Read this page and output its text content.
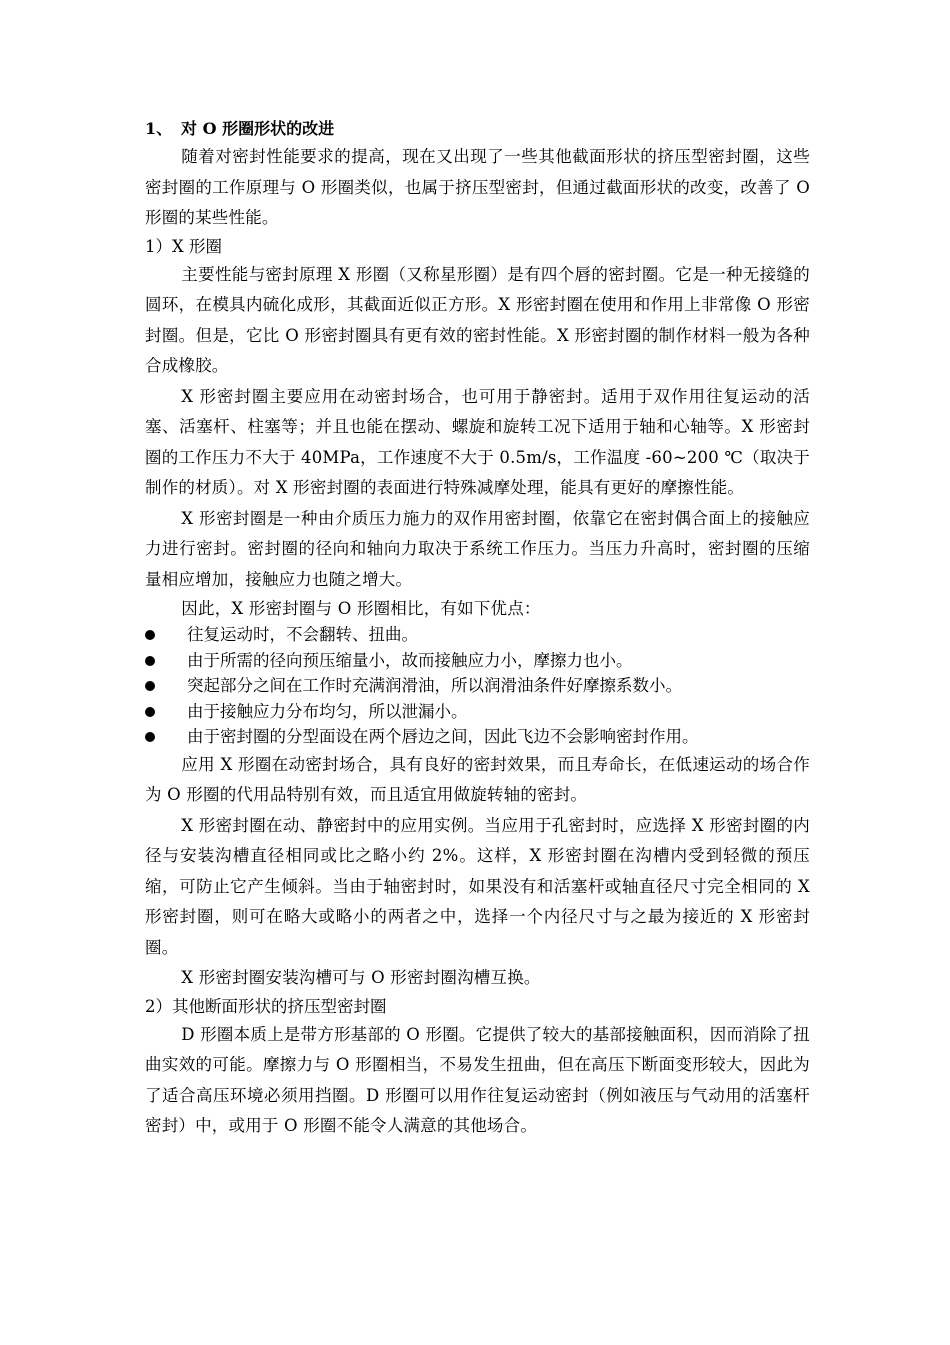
1、 对 O 形圈形状的改进

随着对密封性能要求的提高，现在又出现了一些其他截面形状的挤压型密封圈，这些密封圈的工作原理与 O 形圈类似，也属于挤压型密封，但通过截面形状的改变，改善了 O 形圈的某些性能。

1）X 形圈

主要性能与密封原理 X 形圈（又称星形圈）是有四个唇的密封圈。它是一种无接缝的圆环，在模具内硫化成形，其截面近似正方形。X 形密封圈在使用和作用上非常像 O 形密封圈。但是，它比 O 形密封圈具有更有效的密封性能。X 形密封圈的制作材料一般为各种合成橡胶。

X 形密封圈主要应用在动密封场合，也可用于静密封。适用于双作用往复运动的活塞、活塞杆、柱塞等；并且也能在摆动、螺旋和旋转工况下适用于轴和心轴等。X 形密封圈的工作压力不大于 40MPa，工作速度不大于 0.5m/s，工作温度 -60~200 ℃（取决于制作的材质）。对 X 形密封圈的表面进行特殊减摩处理，能具有更好的摩擦性能。

X 形密封圈是一种由介质压力施力的双作用密封圈，依靠它在密封偶合面上的接触应力进行密封。密封圈的径向和轴向力取决于系统工作压力。当压力升高时，密封圈的压缩量相应增加，接触应力也随之增大。

因此，X 形密封圈与 O 形圈相比，有如下优点：

往复运动时，不会翻转、扭曲。
由于所需的径向预压缩量小，故而接触应力小，摩擦力也小。
突起部分之间在工作时充满润滑油，所以润滑油条件好摩擦系数小。
由于接触应力分布均匀，所以泄漏小。
由于密封圈的分型面设在两个唇边之间，因此飞边不会影响密封作用。

应用 X 形圈在动密封场合，具有良好的密封效果，而且寿命长，在低速运动的场合作为 O 形圈的代用品特别有效，而且适宜用做旋转轴的密封。

X 形密封圈在动、静密封中的应用实例。当应用于孔密封时，应选择 X 形密封圈的内径与安装沟槽直径相同或比之略小约 2%。这样，X 形密封圈在沟槽内受到轻微的预压缩，可防止它产生倾斜。当由于轴密封时，如果没有和活塞杆或轴直径尺寸完全相同的 X 形密封圈，则可在略大或略小的两者之中，选择一个内径尺寸与之最为接近的 X 形密封圈。

X 形密封圈安装沟槽可与 O 形密封圈沟槽互换。

2）其他断面形状的挤压型密封圈

D 形圈本质上是带方形基部的 O 形圈。它提供了较大的基部接触面积，因而消除了扭曲实效的可能。摩擦力与 O 形圈相当，不易发生扭曲，但在高压下断面变形较大，因此为了适合高压环境必须用挡圈。D 形圈可以用作往复运动密封（例如液压与气动用的活塞杆密封）中，或用于 O 形圈不能令人满意的其他场合。
